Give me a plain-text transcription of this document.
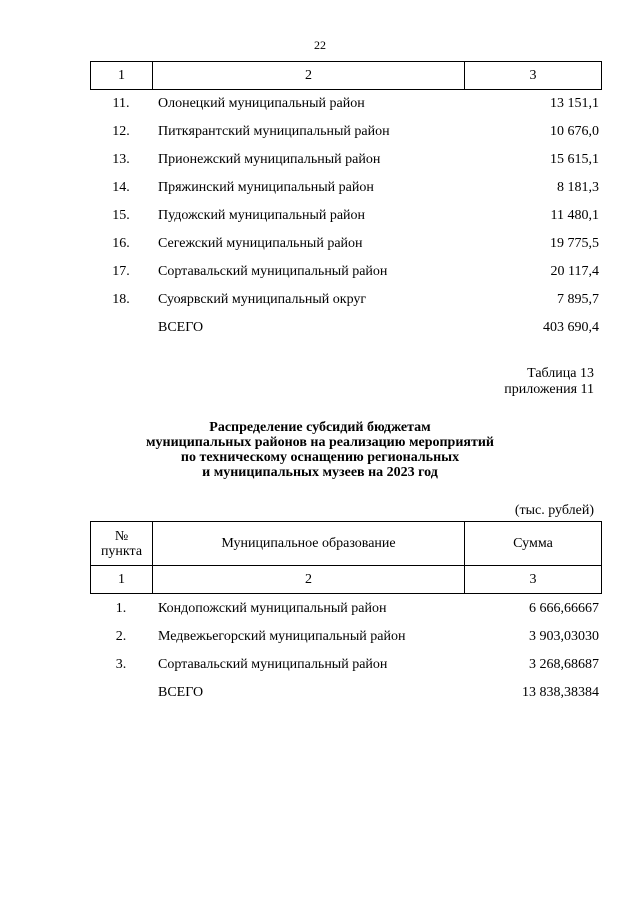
22
1	2	3
11.	Олонецкий муниципальный район	13 151,1
12.	Питкярантский муниципальный район	10 676,0
13.	Прионежский муниципальный район	15 615,1
14.	Пряжинский муниципальный район	8 181,3
15.	Пудожский муниципальный район	11 480,1
16.	Сегежский муниципальный район	19 775,5
17.	Сортавальский муниципальный район	20 117,4
18.	Суоярвский муниципальный округ	7 895,7
	ВСЕГО	403 690,4
Таблица 13
приложения 11
Распределение субсидий бюджетам
муниципальных районов на реализацию мероприятий
по техническому оснащению региональных
и муниципальных музеев на 2023 год
(тыс. рублей)
№
пункта	Муниципальное образование	Сумма
1	2	3
1.	Кондопожский муниципальный район	6 666,66667
2.	Медвежьегорский муниципальный район	3 903,03030
3.	Сортавальский муниципальный район	3 268,68687
	ВСЕГО	13 838,38384
